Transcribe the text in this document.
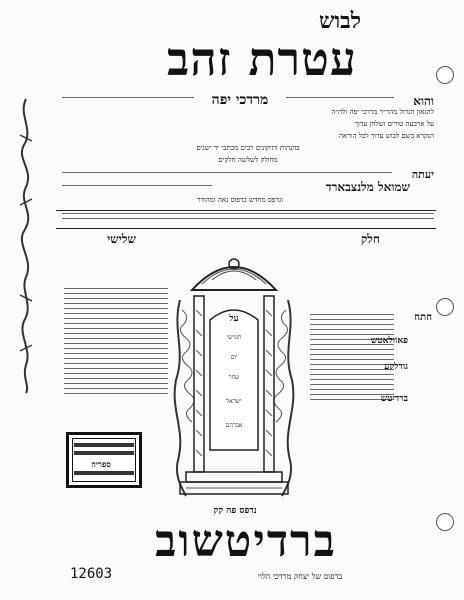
לבוש
עטרת זהב
והוא
מרדכי יפה
להגאון הגדול מהר״ר מרדכי יפה זלה״ה
על ארבעה טורים ושלחן ערוך
הנקרא בשם לבוש ערוך לכל הוראה
בהגהות ותיקונים רבים מכתבי יד ישנים
מחולק לשלשה חלקים
יעתה
שמואל מלנצבארד
ונדפס מחדש בדפוס נאה ומהודר
חלק
שלישי
חתח
פאוולאטש
גודלקע
ברדיטש
על
חמישי
יום
שחר
ישראל
אברהם
ספריה
נדפס פה קק
ברדיטשוב
בדפוס של יצחק מרדכי הלוי
12603
